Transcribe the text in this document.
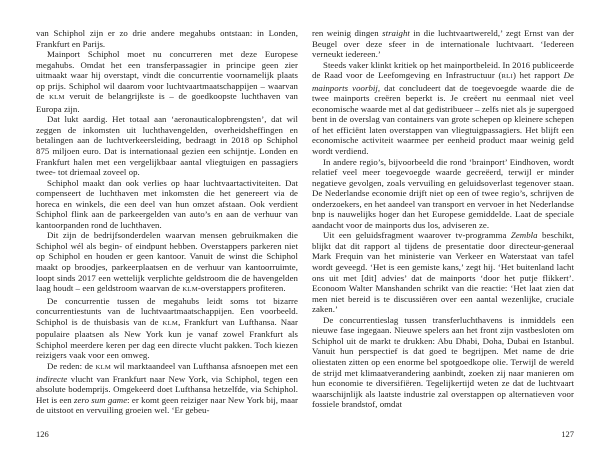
van Schiphol zijn er zo drie andere megahubs ontstaan: in Londen, Frankfurt en Parijs.

Mainport Schiphol moet nu concurreren met deze Europese megahubs. Omdat het een transferpassagier in principe geen zier uitmaakt waar hij overstapt, vindt die concurrentie voornamelijk plaats op prijs. Schiphol wil daarom voor luchtvaartmaatschappijen – waarvan de KLM veruit de belangrijkste is – de goedkoopste luchthaven van Europa zijn.

Dat lukt aardig. Het totaal aan ‘aeronauticalopbrengsten’, dat wil zeggen de inkomsten uit luchthavengelden, overheidsheffingen en betalingen aan de luchtverkeersleiding, bedraagt in 2018 op Schiphol 875 miljoen euro. Dat is internationaal gezien een schijntje. Londen en Frankfurt halen met een vergelijkbaar aantal vliegtuigen en passagiers twee- tot driemaal zoveel op.

Schiphol maakt dan ook verlies op haar luchtvaartactiviteiten. Dat compenseert de luchthaven met inkomsten die het genereert via de horeca en winkels, die een deel van hun omzet afstaan. Ook verdient Schiphol flink aan de parkeergelden van auto’s en aan de verhuur van kantoorpanden rond de luchthaven.

Dit zijn de bedrijfsonderdelen waarvan mensen gebruikmaken die Schiphol wél als begin- of eindpunt hebben. Overstappers parkeren niet op Schiphol en houden er geen kantoor. Vanuit de winst die Schiphol maakt op broodjes, parkeerplaatsen en de verhuur van kantoorruimte, loopt sinds 2017 een wettelijk verplichte geldstroom die de havengelden laag houdt – een geldstroom waarvan de KLM-overstappers profiteren.

De concurrentie tussen de megahubs leidt soms tot bizarre concurrentiestunts van de luchtvaartmaatschappijen. Een voorbeeld. Schiphol is de thuisbasis van de KLM, Frankfurt van Lufthansa. Naar populaire plaatsen als New York kun je vanaf zowel Frankfurt als Schiphol meerdere keren per dag een directe vlucht pakken. Toch kiezen reizigers vaak voor een omweg.

De reden: de KLM wil marktaandeel van Lufthansa afsnoepen met een indirecte vlucht van Frankfurt naar New York, via Schiphol, tegen een absolute bodemprijs. Omgekeerd doet Lufthansa hetzelfde, via Schiphol. Het is een zero sum game: er komt geen reiziger naar New York bij, maar de uitstoot en vervuiling groeien wel. ‘Er gebeu-

126

ren weinig dingen straight in die luchtvaartwereld,’ zegt Ernst van der Beugel over deze sfeer in de internationale luchtvaart. ‘Iedereen verneukt iedereen.’

Steeds vaker klinkt kritiek op het mainportbeleid. In 2016 publiceerde de Raad voor de Leefomgeving en Infrastructuur (RLI) het rapport De mainports voorbij, dat concludeert dat de toegevoegde waarde die de twee mainports creëren beperkt is. Je creëert nu eenmaal niet veel economische waarde met al dat gedistribueer – zelfs niet als je supergoed bent in de overslag van containers van grote schepen op kleinere schepen of het efficiënt laten overstappen van vliegtuigpassagiers. Het blijft een economische activiteit waarmee per eenheid product maar weinig geld wordt verdiend.

In andere regio’s, bijvoorbeeld die rond ‘brainport’ Eindhoven, wordt relatief veel meer toegevoegde waarde gecreëerd, terwijl er minder negatieve gevolgen, zoals vervuiling en geluidsoverlast tegenover staan. De Nederlandse economie drijft niet op een of twee regio’s, schrijven de onderzoekers, en het aandeel van transport en vervoer in het Nederlandse bnp is nauwelijks hoger dan het Europese gemiddelde. Laat de speciale aandacht voor de mainports dus los, adviseren ze.

Uit een geluidsfragment waarover tv-programma Zembla beschikt, blijkt dat dit rapport al tijdens de presentatie door directeur-generaal Mark Frequin van het ministerie van Verkeer en Waterstaat van tafel wordt geveegd. ‘Het is een gemiste kans,’ zegt hij. ‘Het buitenland lacht ons uit met [dit] advies’ dat de mainports ‘door het putje flikkert’. Econoom Walter Manshanden schrikt van die reactie: ‘Het laat zien dat men niet bereid is te discussiëren over een aantal wezenlijke, cruciale zaken.’

De concurrentieslag tussen transferluchthavens is inmiddels een nieuwe fase ingegaan. Nieuwe spelers aan het front zijn vastbesloten om Schiphol uit de markt te drukken: Abu Dhabi, Doha, Dubai en Istanbul. Vanuit hun perspectief is dat goed te begrijpen. Met name de drie oliestaten zitten op een enorme bel spotgoedkope olie. Terwijl de wereld de strijd met klimaatverandering aanbindt, zoeken zij naar manieren om hun economie te diversifiëren. Tegelijkertijd weten ze dat de luchtvaart waarschijnlijk als laatste industrie zal overstappen op alternatieven voor fossiele brandstof, omdat

127
